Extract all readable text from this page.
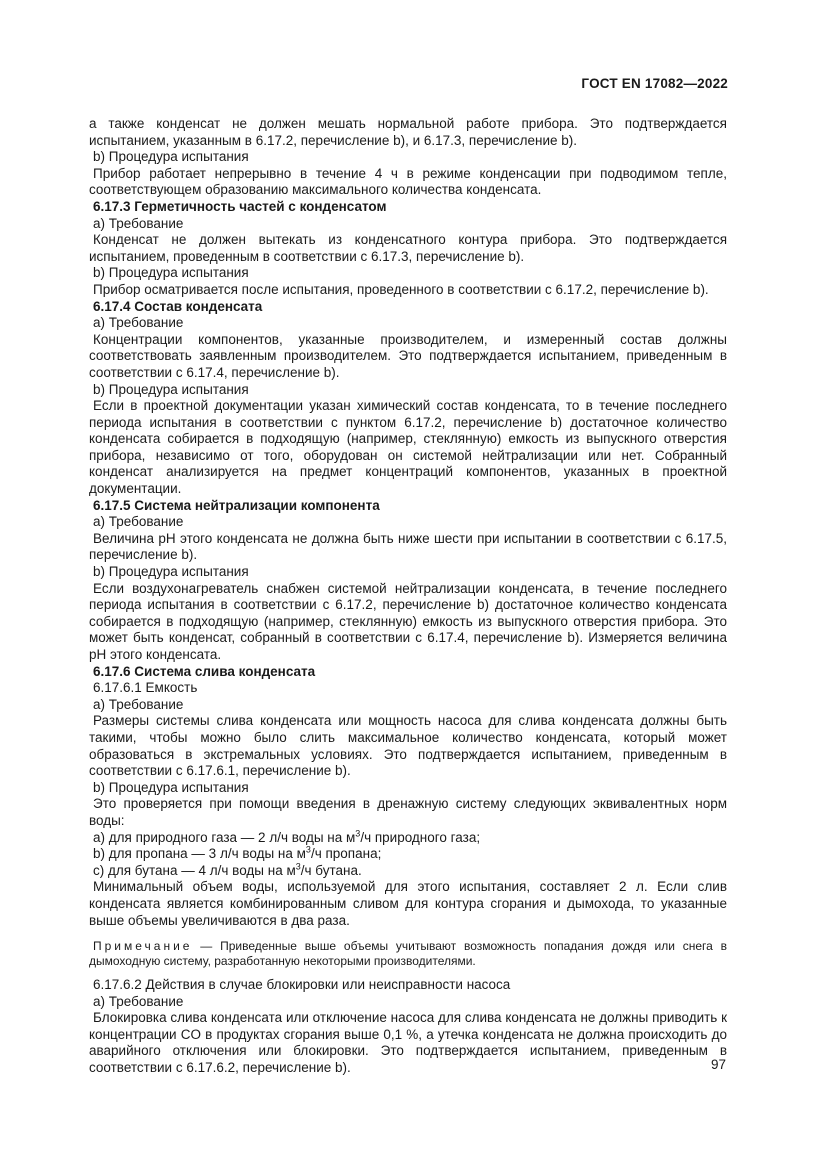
ГОСТ EN 17082—2022

а также конденсат не должен мешать нормальной работе прибора. Это подтверждается испытанием, указанным в 6.17.2, перечисление b), и 6.17.3, перечисление b).

b) Процедура испытания

Прибор работает непрерывно в течение 4 ч в режиме конденсации при подводимом тепле, соответствующем образованию максимального количества конденсата.

6.17.3 Герметичность частей с конденсатом

а) Требование

Конденсат не должен вытекать из конденсатного контура прибора. Это подтверждается испытанием, проведенным в соответствии с 6.17.3, перечисление b).

b) Процедура испытания

Прибор осматривается после испытания, проведенного в соответствии с 6.17.2, перечисление b).

6.17.4 Состав конденсата

а) Требование

Концентрации компонентов, указанные производителем, и измеренный состав должны соответствовать заявленным производителем. Это подтверждается испытанием, приведенным в соответствии с 6.17.4, перечисление b).

b) Процедура испытания

Если в проектной документации указан химический состав конденсата, то в течение последнего периода испытания в соответствии с пунктом 6.17.2, перечисление b) достаточное количество конденсата собирается в подходящую (например, стеклянную) емкость из выпускного отверстия прибора, независимо от того, оборудован он системой нейтрализации или нет. Собранный конденсат анализируется на предмет концентраций компонентов, указанных в проектной документации.

6.17.5 Система нейтрализации компонента

а) Требование

Величина pH этого конденсата не должна быть ниже шести при испытании в соответствии с 6.17.5, перечисление b).

b) Процедура испытания

Если воздухонагреватель снабжен системой нейтрализации конденсата, в течение последнего периода испытания в соответствии с 6.17.2, перечисление b) достаточное количество конденсата собирается в подходящую (например, стеклянную) емкость из выпускного отверстия прибора. Это может быть конденсат, собранный в соответствии с 6.17.4, перечисление b). Измеряется величина pH этого конденсата.

6.17.6 Система слива конденсата

6.17.6.1 Емкость

а) Требование

Размеры системы слива конденсата или мощность насоса для слива конденсата должны быть такими, чтобы можно было слить максимальное количество конденсата, который может образоваться в экстремальных условиях. Это подтверждается испытанием, приведенным в соответствии с 6.17.6.1, перечисление b).

b) Процедура испытания

Это проверяется при помощи введения в дренажную систему следующих эквивалентных норм воды:

а) для природного газа — 2 л/ч воды на $м^3/ч$ природного газа;

b) для пропана — 3 л/ч воды на $м^3/ч$ пропана;

c) для бутана — 4 л/ч воды на $м^3/ч$ бутана.

Минимальный объем воды, используемой для этого испытания, составляет 2 л. Если слив конденсата является комбинированным сливом для контура сгорания и дымохода, то указанные выше объемы увеличиваются в два раза.

Примечание — Приведенные выше объемы учитывают возможность попадания дождя или снега в дымоходную систему, разработанную некоторыми производителями.

6.17.6.2 Действия в случае блокировки или неисправности насоса

а) Требование

Блокировка слива конденсата или отключение насоса для слива конденсата не должны приводить к концентрации CO в продуктах сгорания выше 0,1 %, а утечка конденсата не должна происходить до аварийного отключения или блокировки. Это подтверждается испытанием, приведенным в соответствии с 6.17.6.2, перечисление b).	97
